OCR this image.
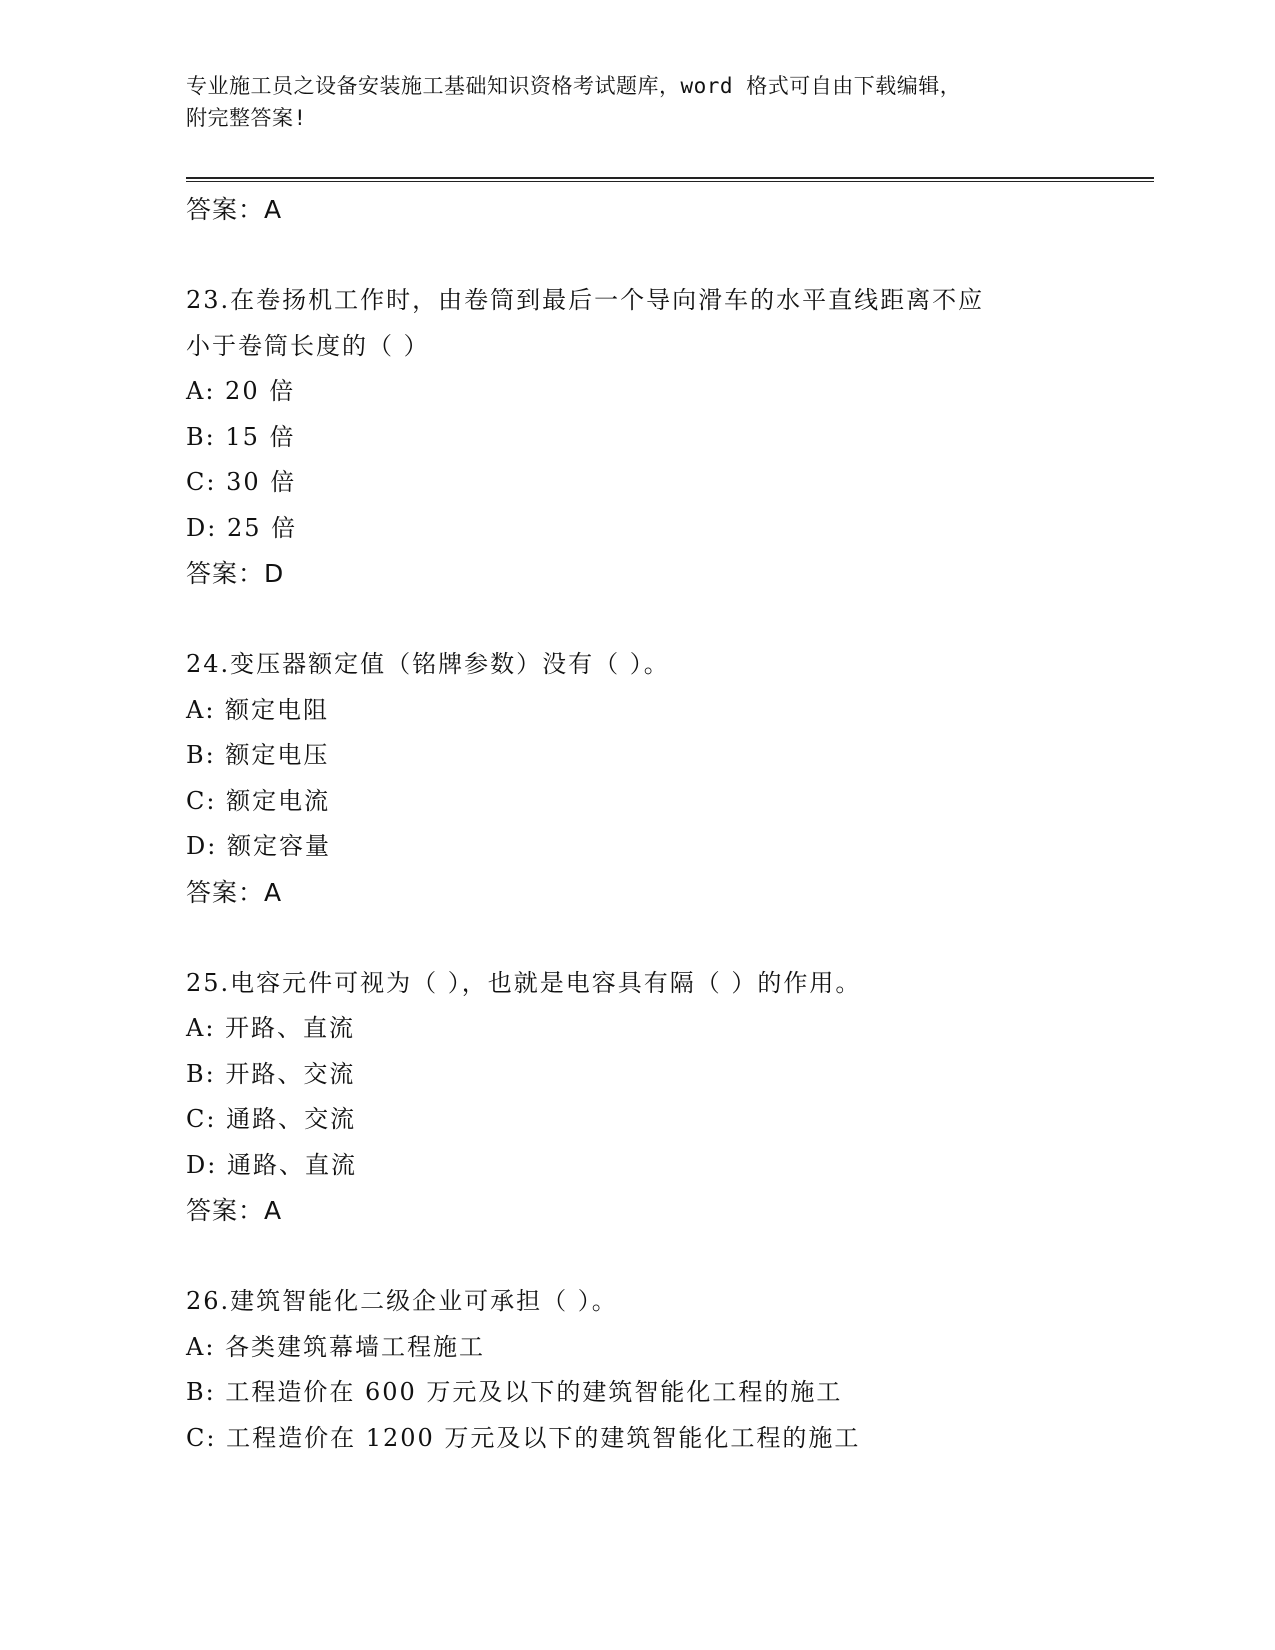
专业施工员之设备安装施工基础知识资格考试题库，word 格式可自由下载编辑，
附完整答案!
答案：A
23.在卷扬机工作时，由卷筒到最后一个导向滑车的水平直线距离不应
小于卷筒长度的（ ）
A: 20 倍
B: 15 倍
C: 30 倍
D: 25 倍
答案：D
24.变压器额定值（铭牌参数）没有（ ）。
A: 额定电阻
B: 额定电压
C: 额定电流
D: 额定容量
答案：A
25.电容元件可视为（ ），也就是电容具有隔（ ）的作用。
A: 开路、直流
B: 开路、交流
C: 通路、交流
D: 通路、直流
答案：A
26.建筑智能化二级企业可承担（ ）。
A: 各类建筑幕墙工程施工
B: 工程造价在 600 万元及以下的建筑智能化工程的施工
C: 工程造价在 1200 万元及以下的建筑智能化工程的施工
